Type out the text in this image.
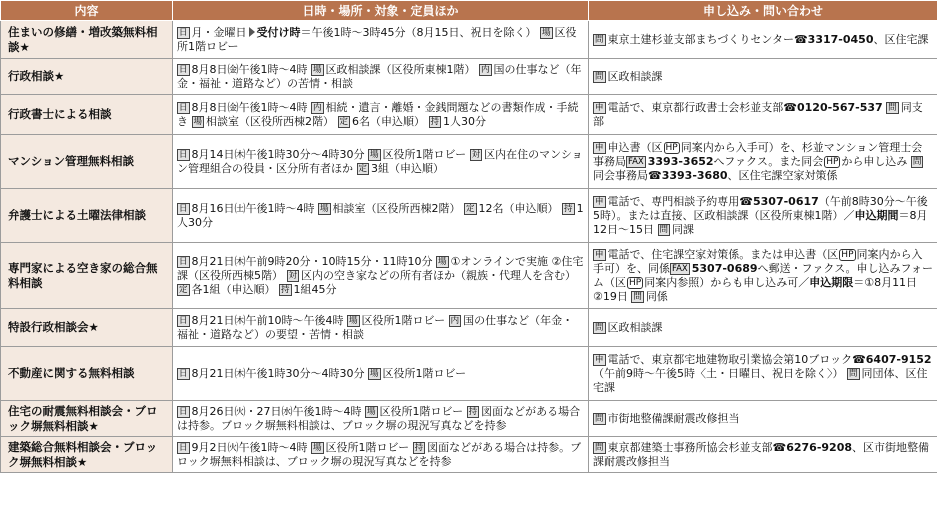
内容	日時・場所・対象・定員ほか	申し込み・問い合わせ
住まいの修繕・増改築無料相談★	日 月・金曜日 受付け時＝午後1時～3時45分（8月15日、祝日を除く） 場 区役所1階ロビー	問 東京土建杉並支部まちづくりセンター☎3317-0450、区住宅課
行政相談★	日 8月8日㈮午後1時～4時 場 区政相談課（区役所東棟1階） 内 国の仕事など（年金・福祉・道路など）の苦情・相談	問 区政相談課
行政書士による相談	日 8月8日㈮午後1時～4時 内 相続・遺言・離婚・金銭問題などの書類作成・手続き 場 相談室（区役所西棟2階） 定 6名（申込順） 持 1人30分	申 電話で、東京都行政書士会杉並支部☎0120-567-537 問 同支部
マンション管理無料相談	日 8月14日㈭午後1時30分～4時30分 場 区役所1階ロビー 対 区内在住のマンション管理組合の役員・区分所有者ほか 定 3組（申込順）	申 申込書（区 HP 同案内から入手可）を、杉並マンション管理士会事務局 FAX 3393-3652へファクス。また同会 HP から申し込み 問同会事務局☎3393-3680、区住宅課空家対策係
弁護士による土曜法律相談	日 8月16日㈯午後1時～4時 場 相談室（区役所西棟2階） 定 12名（申込順） 持 1人30分	申 電話で、専門相談予約専用☎5307-0617（午前8時30分～午後5時）。または直接、区政相談課（区役所東棟1階）／申込期間＝8月12日～15日 問 同課
専門家による空き家の総合無料相談	日 8月21日㈭午前9時20分・10時15分・11時10分 場 ①オンラインで実施 ②住宅課（区役所西棟5階） 対 区内の空き家などの所有者ほか（親族・代理人を含む） 定 各1組（申込順） 持 1組45分	申 電話で、住宅課空家対策係。または申込書（区 HP 同案内から入手可）を、同係 FAX 5307-0689へ郵送・ファクス。申し込みフォーム（区 HP 同案内参照）からも申し込み可／申込期限＝①8月11日②19日 問 同係
特設行政相談会★	日 8月21日㈭午前10時～午後4時 場 区役所1階ロビー 内 国の仕事など（年金・福祉・道路など）の要望・苦情・相談	問 区政相談課
不動産に関する無料相談	日 8月21日㈭午後1時30分～4時30分 場 区役所1階ロビー	申 電話で、東京都宅地建物取引業協会第10ブロック☎6407-9152（午前9時～午後5時〈土・日曜日、祝日を除く〉） 問 同団体、区住宅課
住宅の耐震無料相談会・ブロック塀無料相談★	日 8月26日㈫・27日㈬午後1時～4時 場 区役所1階ロビー 持 図面などがある場合は持参。ブロック塀無料相談は、ブロック塀の現況写真などを持参	問 市街地整備課耐震改修担当
建築総合無料相談会・ブロック塀無料相談★	日 9月2日㈫午後1時～4時 場 区役所1階ロビー 持 図面などがある場合は持参。ブロック塀無料相談は、ブロック塀の現況写真などを持参	問 東京都建築士事務所協会杉並支部☎6276-9208、区市街地整備課耐震改修担当
